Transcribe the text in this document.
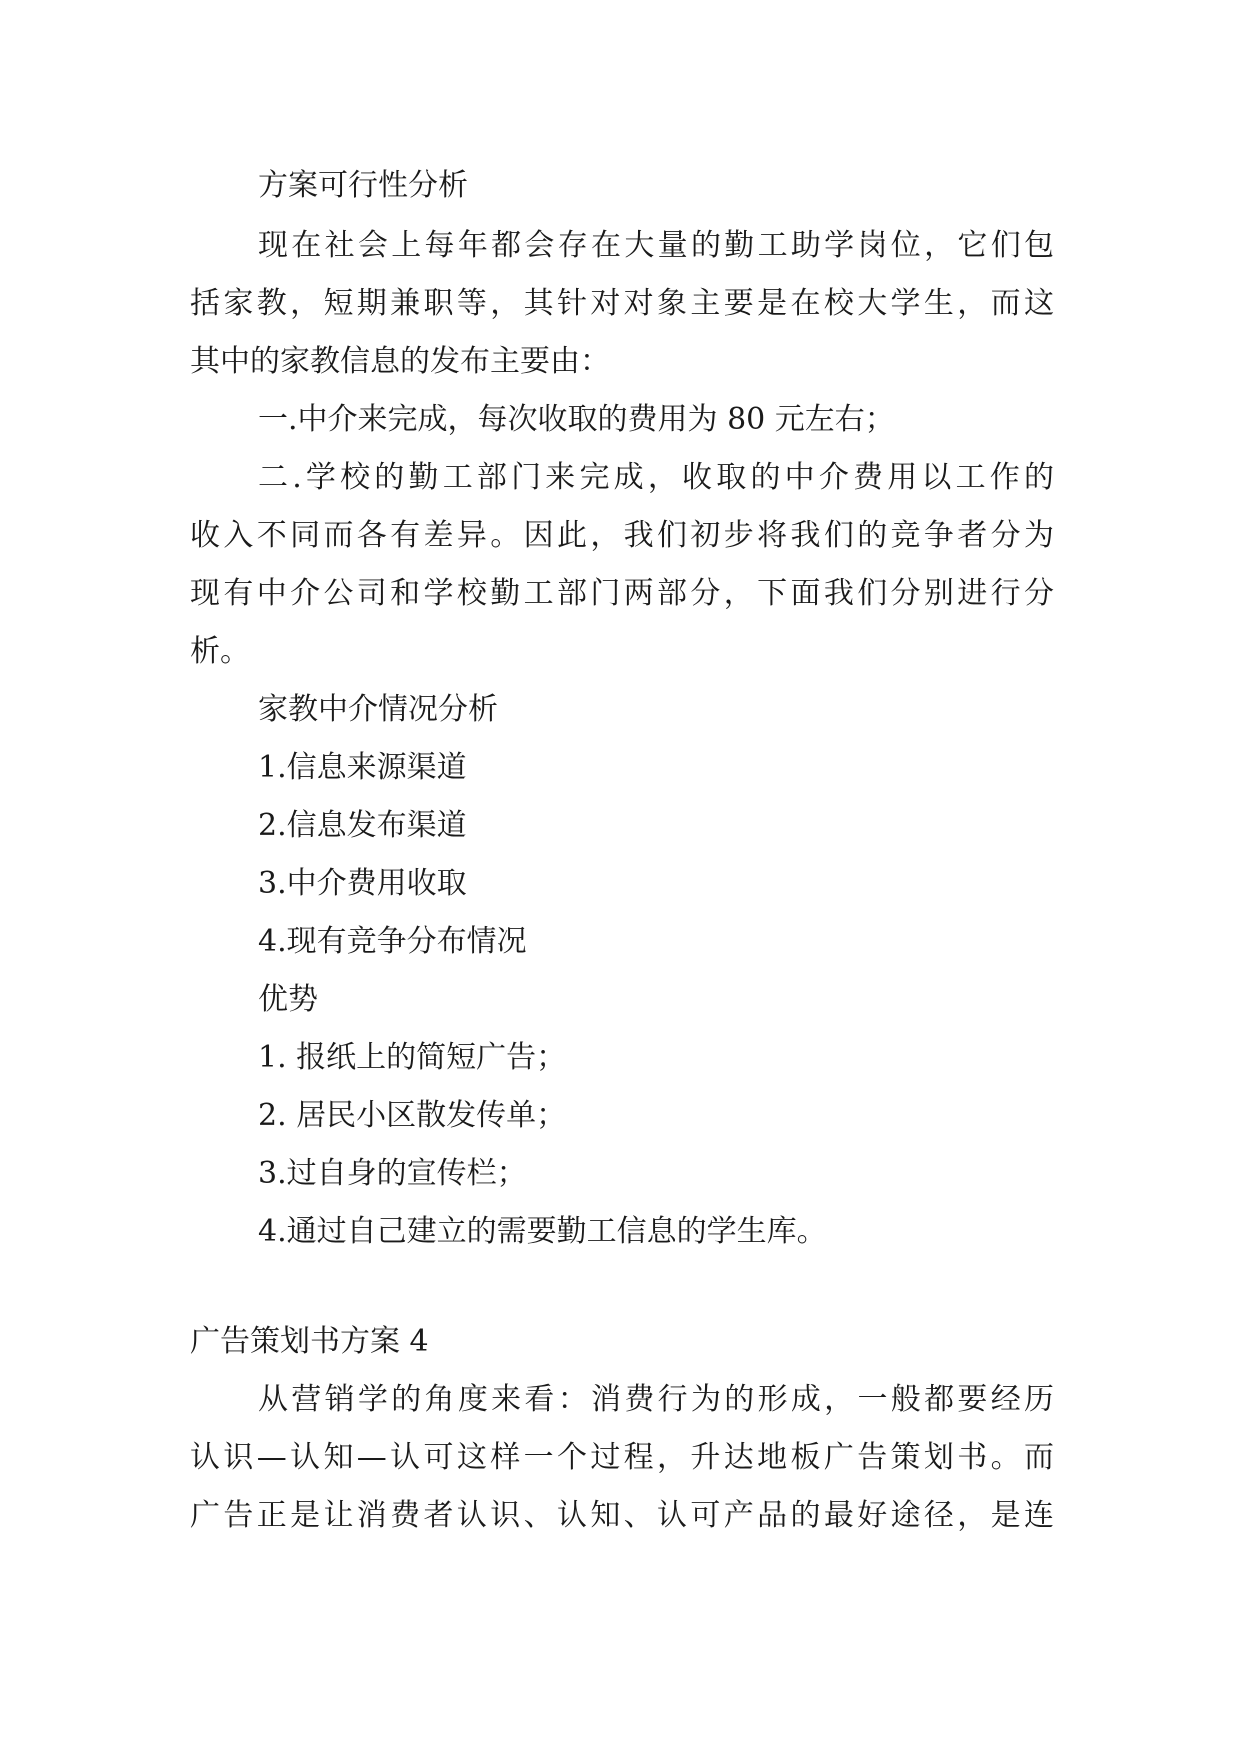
方案可行性分析
现在社会上每年都会存在大量的勤工助学岗位，它们包
括家教，短期兼职等，其针对对象主要是在校大学生，而这
其中的家教信息的发布主要由：
一.中介来完成，每次收取的费用为 80 元左右；
二.学校的勤工部门来完成，收取的中介费用以工作的
收入不同而各有差异。因此，我们初步将我们的竞争者分为
现有中介公司和学校勤工部门两部分，下面我们分别进行分
析。
家教中介情况分析
1.信息来源渠道
2.信息发布渠道
3.中介费用收取
4.现有竞争分布情况
优势
1. 报纸上的简短广告；
2. 居民小区散发传单；
3.过自身的宣传栏；
4.通过自己建立的需要勤工信息的学生库。
广告策划书方案 4
从营销学的角度来看：消费行为的形成，一般都要经历
认识—认知—认可这样一个过程，升达地板广告策划书。而
广告正是让消费者认识、认知、认可产品的最好途径，是连
